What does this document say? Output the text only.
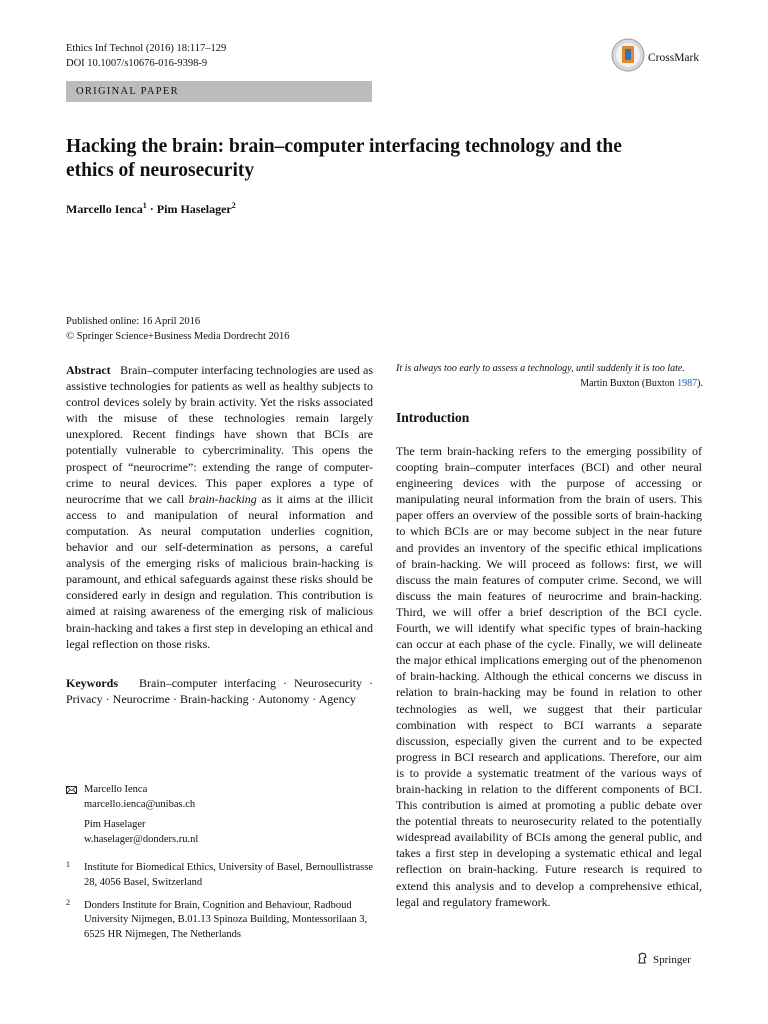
Ethics Inf Technol (2016) 18:117–129
DOI 10.1007/s10676-016-9398-9	CrossMark
ORIGINAL PAPER
Hacking the brain: brain–computer interfacing technology and the ethics of neurosecurity
Marcello Ienca$^1$ · Pim Haselager$^2$
Published online: 16 April 2016
© Springer Science+Business Media Dordrecht 2016

Abstract Brain–computer interfacing technologies are used as assistive technologies for patients as well as healthy subjects to control devices solely by brain activity. Yet the risks associated with the misuse of these technologies remain largely unexplored. Recent findings have shown that BCIs are potentially vulnerable to cybercriminality. This opens the prospect of “neurocrime”: extending the range of computer-crime to neural devices. This paper explores a type of neurocrime that we call brain-hacking as it aims at the illicit access to and manipulation of neural information and computation. As neural computation underlies cognition, behavior and our self-determination as persons, a careful analysis of the emerging risks of malicious brain-hacking is paramount, and ethical safeguards against these risks should be considered early in design and regulation. This contribution is aimed at raising awareness of the emerging risk of malicious brain-hacking and takes a first step in developing an ethical and legal reflection on those risks.

Keywords Brain–computer interfacing · Neurosecurity · Privacy · Neurocrime · Brain-hacking · Autonomy · Agency

Marcello Ienca
marcello.ienca@unibas.ch
Pim Haselager
w.haselager@donders.ru.nl
1 Institute for Biomedical Ethics, University of Basel, Bernoullistrasse 28, 4056 Basel, Switzerland
2 Donders Institute for Brain, Cognition and Behaviour, Radboud University Nijmegen, B.01.13 Spinoza Building, Montessorilaan 3, 6525 HR Nijmegen, The Netherlands
It is always too early to assess a technology, until suddenly it is too late.
Martin Buxton (Buxton 1987).
Introduction

The term brain-hacking refers to the emerging possibility of coopting brain–computer interfaces (BCI) and other neural engineering devices with the purpose of accessing or manipulating neural information from the brain of users. This paper offers an overview of the possible sorts of brain-hacking to which BCIs are or may become subject in the near future and provides an inventory of the specific ethical implications of brain-hacking. We will proceed as follows: first, we will discuss the main features of computer crime. Second, we will discuss the main features of neurocrime and brain-hacking. Third, we will offer a brief description of the BCI cycle. Fourth, we will identify what specific types of brain-hacking can occur at each phase of the cycle. Finally, we will delineate the major ethical implications emerging out of the phenomenon of brain-hacking. Although the ethical concerns we discuss in relation to brain-hacking may be found in relation to other technologies as well, we suggest that their particular combination with respect to BCI warrants a separate discussion, especially given the current and to be expected progress in BCI research and applications. Therefore, our aim is to provide a systematic treatment of the various ways of brain-hacking in relation to the different components of BCI. This contribution is aimed at promoting a public debate over the potential threats to neurosecurity related to the potentially widespread availability of BCIs among the general public, and takes a first step in developing a systematic ethical and legal reflection on brain-hacking. Future research is required to extend this analysis and to develop a comprehensive ethical, legal and regulatory framework.

Springer
